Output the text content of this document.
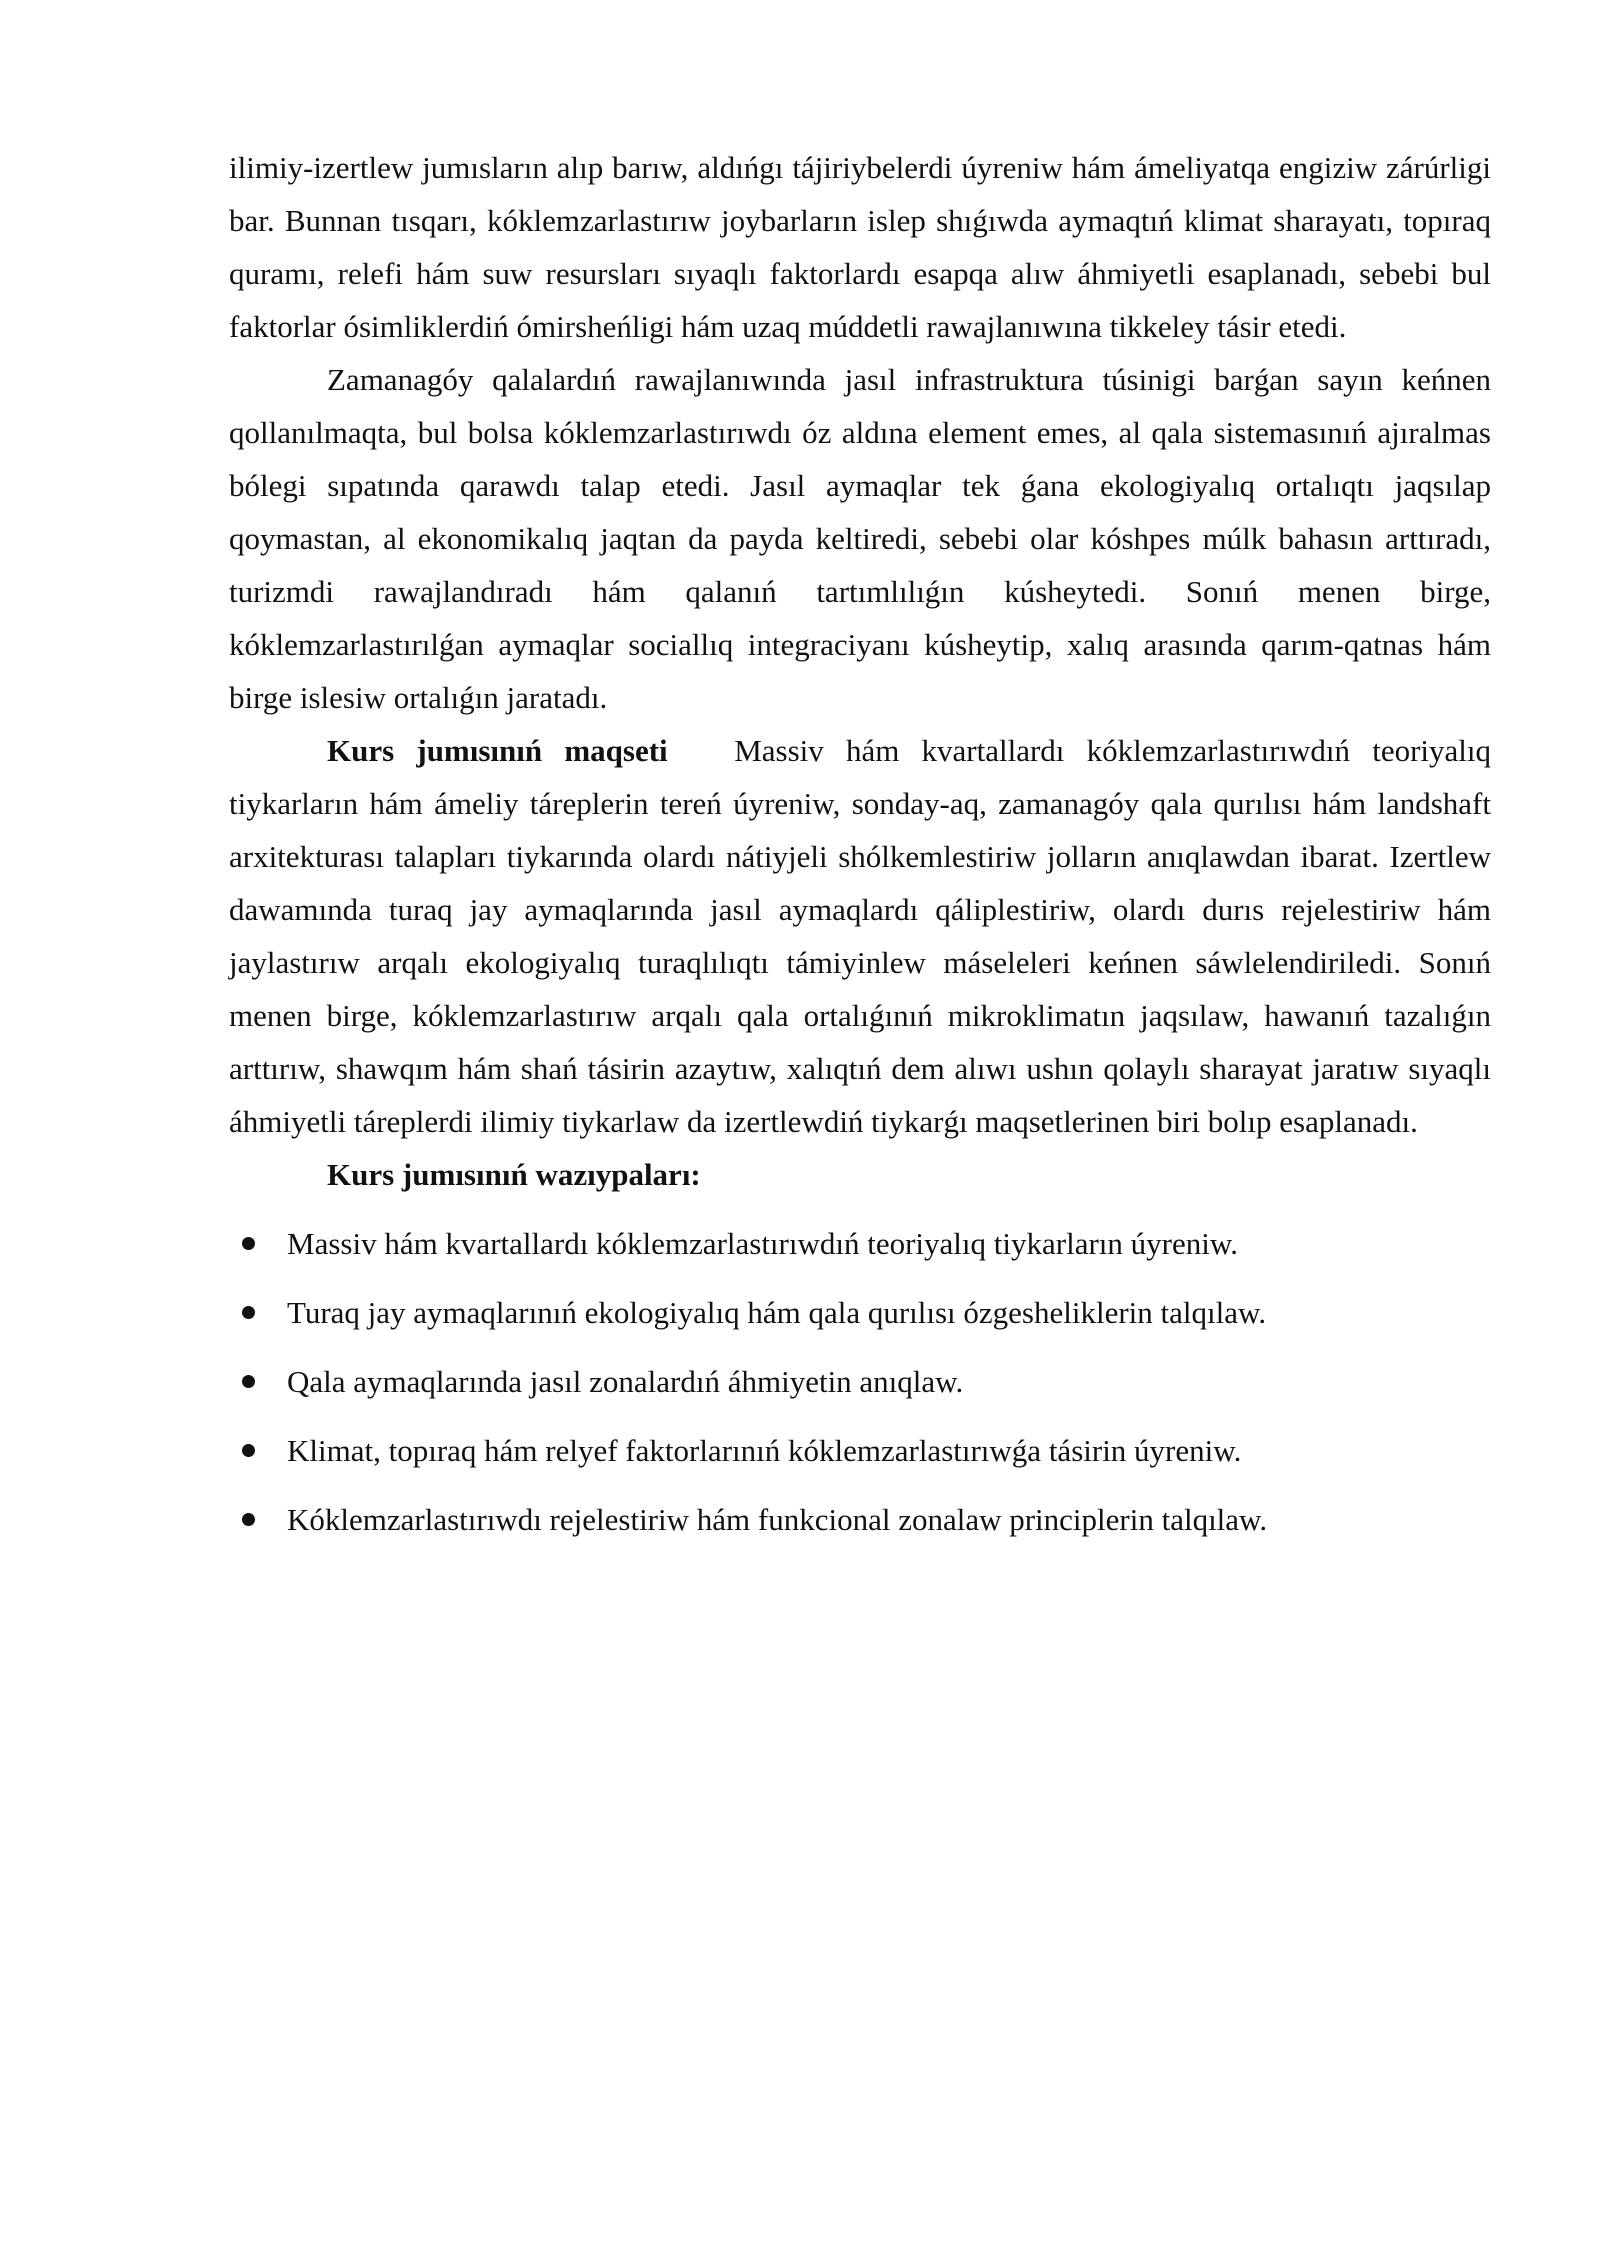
ilimiy-izertlew jumısların alıp barıw, aldıńgı tájiriybelerdi úyreniw hám ámeliyatqa engiziw zárúrligi bar. Bunnan tısqarı, kóklemzarlastırıw joybarların islep shıǵıwda aymaqtıń klimat sharayatı, topıraq quramı, relefi hám suw resursları sıyaqlı faktorlardı esapqa alıw áhmiyetli esaplanadı, sebebi bul faktorlar ósimliklerdiń ómirsheńligi hám uzaq múddetli rawajlanıwına tikkeley tásir etedi.

Zamanagóy qalalardıń rawajlanıwında jasıl infrastruktura túsinigi barǵan sayın keńnen qollanılmaqta, bul bolsa kóklemzarlastırıwdı óz aldına element emes, al qala sistemasınıń ajıralmas bólegi sıpatında qarawdı talap etedi. Jasıl aymaqlar tek ǵana ekologiyalıq ortalıqtı jaqsılap qoymastan, al ekonomikalıq jaqtan da payda keltiredi, sebebi olar kóshpes múlk bahasın arttıradı, turizmdi rawajlandıradı hám qalanıń tartımlılıǵın kúsheytedi. Sonıń menen birge, kóklemzarlastırılǵan aymaqlar sociallıq integraciyanı kúsheytip, xalıq arasında qarım-qatnas hám birge islesiw ortalıǵın jaratadı.

Kurs jumısınıń maqseti Massiv hám kvartallardı kóklemzarlastırıwdıń teoriyalıq tiykarların hám ámeliy táreplerin tereń úyreniw, sonday-aq, zamanagóy qala qurılısı hám landshaft arxitekturası talapları tiykarında olardı nátiyjeli shólkemlestiriw jolların anıqlawdan ibarat. Izertlew dawamında turaq jay aymaqlarında jasıl aymaqlardı qáliplestiriw, olardı durıs rejelestiriw hám jaylastırıw arqalı ekologiyalıq turaqlılıqtı támiyinlew máseleleri keńnen sáwlelendiriledi. Sonıń menen birge, kóklemzarlastırıw arqalı qala ortalıǵınıń mikroklimatın jaqsılaw, hawanıń tazalıǵın arttırıw, shawqım hám shań tásirin azaytıw, xalıqtıń dem alıwı ushın qolaylı sharayat jaratıw sıyaqlı áhmiyetli táreplerdi ilimiy tiykarlaw da izertlewdiń tiykarǵı maqsetlerinen biri bolıp esaplanadı.

Kurs jumısınıń wazıypaları:

Massiv hám kvartallardı kóklemzarlastırıwdıń teoriyalıq tiykarların úyreniw.
Turaq jay aymaqlarınıń ekologiyalıq hám qala qurılısı ózgesheliklerin talqılaw.
Qala aymaqlarında jasıl zonalardıń áhmiyetin anıqlaw.
Klimat, topıraq hám relyef faktorlarınıń kóklemzarlastırıwǵa tásirin úyreniw.
Kóklemzarlastırıwdı rejelestiriw hám funkcional zonalaw principlerin talqılaw.
